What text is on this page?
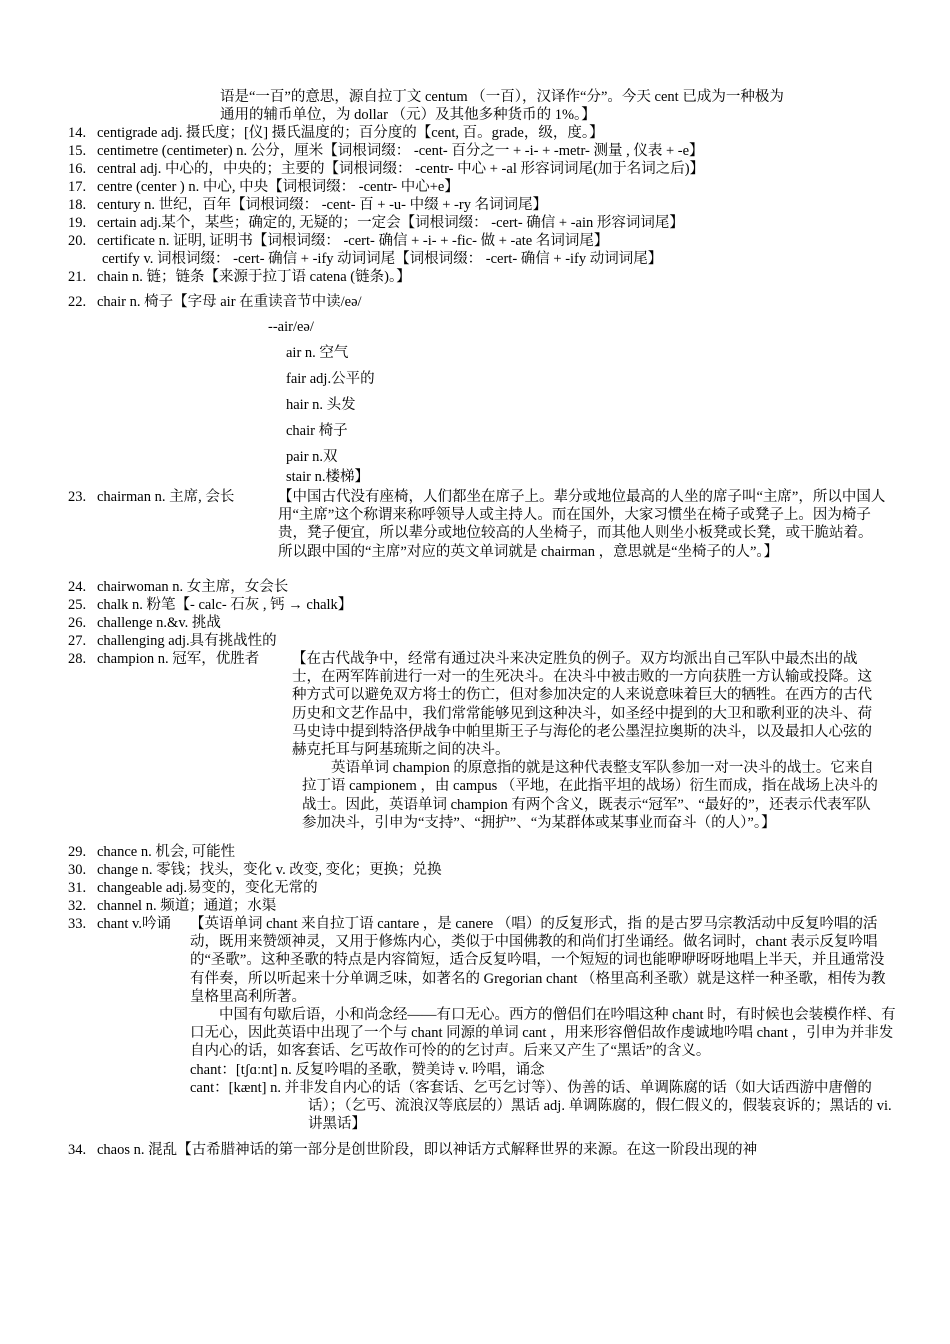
语是“一百”的意思，源自拉丁文 centum （一百），汉译作“分”。今天 cent 已成为一种极为
通用的辅币单位，为 dollar （元）及其他多种货币的 1%。】
14. centigrade adj. 摄氏度；[仪] 摄氏温度的；百分度的【cent, 百。grade，级，度。】
15. centimetre (centimeter) n. 公分，厘米【词根词缀： -cent- 百分之一 + -i- + -metr- 测量 , 仪表 + -e】
16. central adj. 中心的，中央的；主要的【词根词缀： -centr- 中心 + -al 形容词词尾(加于名词之后)】
17. centre (center ) n. 中心, 中央【词根词缀： -centr- 中心+e】
18. century n. 世纪，百年【词根词缀： -cent- 百 + -u- 中缀 + -ry 名词词尾】
19. certain adj.某个，某些；确定的, 无疑的；一定会【词根词缀： -cert- 确信 + -ain 形容词词尾】
20. certificate n. 证明, 证明书【词根词缀： -cert- 确信 + -i- + -fic- 做 + -ate 名词词尾】
certify v. 词根词缀： -cert- 确信 + -ify 动词词尾【词根词缀： -cert- 确信 + -ify 动词词尾】
21. chain n. 链；链条【来源于拉丁语 catena (链条)。】
22. chair n. 椅子【字母 air 在重读音节中读/eə/
--air/eə/
air n. 空气
fair adj.公平的
hair n. 头发
chair 椅子
pair n.双
stair n.楼梯】
23. chairman n. 主席, 会长	【中国古代没有座椅，人们都坐在席子上。辈分或地位最高的人坐的席子叫“主席”，所以中国人用“主席”这个称谓来称呼领导人或主持人。而在国外，大家习惯坐在椅子或凳子上。因为椅子贵，凳子便宜，所以辈分或地位较高的人坐椅子，而其他人则坐小板凳或长凳，或干脆站着。所以跟中国的“主席”对应的英文单词就是 chairman ，意思就是“坐椅子的人”。】
24. chairwoman n. 女主席，女会长
25. chalk n. 粉笔【- calc- 石灰 , 钙 → chalk】
26. challenge n.&v. 挑战
27. challenging adj.具有挑战性的
28. champion n. 冠军，优胜者 【在古代战争中，经常有通过决斗来决定胜负的例子。双方均派出自己军队中最杰出的战士，在两军阵前进行一对一的生死决斗。在决斗中被击败的一方向获胜一方认输或投降。这种方式可以避免双方将士的伤亡，但对参加决定的人来说意味着巨大的牺牲。在西方的古代历史和文艺作品中，我们常常能够见到这种决斗，如圣经中提到的大卫和歌利亚的决斗、荷马史诗中提到特洛伊战争中帕里斯王子与海伦的老公墨涅拉奥斯的决斗，以及最扣人心弦的赫克托耳与阿基琉斯之间的决斗。

英语单词 champion 的原意指的就是这种代表整支军队参加一对一决斗的战士。它来自拉丁语 campionem ，由 campus （平地，在此指平坦的战场）衍生而成，指在战场上决斗的战士。因此，英语单词 champion 有两个含义，既表示“冠军”、“最好的”，还表示代表军队参加决斗，引申为“支持”、“拥护”、“为某群体或某事业而奋斗（的人）”。】

29. chance n. 机会, 可能性
30. change n. 零钱；找头，变化 v. 改变, 变化；更换；兑换
31. changeable adj.易变的，变化无常的
32. channel n. 频道；通道；水渠
33. chant v.吟诵 【英语单词 chant 来自拉丁语 cantare ，是 canere （唱）的反复形式，指 的是古罗马宗教活动中反复吟唱的活动，既用来赞颂神灵，又用于修炼内心，类似于中国佛教的和尚们打坐诵经。做名词时，chant 表示反复吟唱的“圣歌”。这种圣歌的特点是内容简短，适合反复吟唱，一个短短的词也能咿咿呀呀地唱上半天，并且通常没有伴奏，所以听起来十分单调乏味，如著名的 Gregorian chant （格里高利圣歌）就是这样一种圣歌，相传为教皇格里高利所著。

中国有句歇后语，小和尚念经——有口无心。西方的僧侣们在吟唱这种 chant 时，有时候也会装模作样、有口无心，因此英语中出现了一个与 chant 同源的单词 cant ，用来形容僧侣故作虔诚地吟唱 chant ，引申为并非发自内心的话，如客套话、乞丐故作可怜的的乞讨声。后来又产生了“黑话”的含义。

chant：[tʃɑːnt] n. 反复吟唱的圣歌，赞美诗 v. 吟唱，诵念

cant：[kænt] n. 并非发自内心的话（客套话、乞丐乞讨等）、伪善的话、单调陈腐的话（如大话西游中唐僧的话）；（乞丐、流浪汉等底层的）黑话 adj. 单调陈腐的，假仁假义的，假装哀诉的；黑话的 vi. 讲黑话】

34. chaos n. 混乱【古希腊神话的第一部分是创世阶段，即以神话方式解释世界的来源。在这一阶段出现的神
